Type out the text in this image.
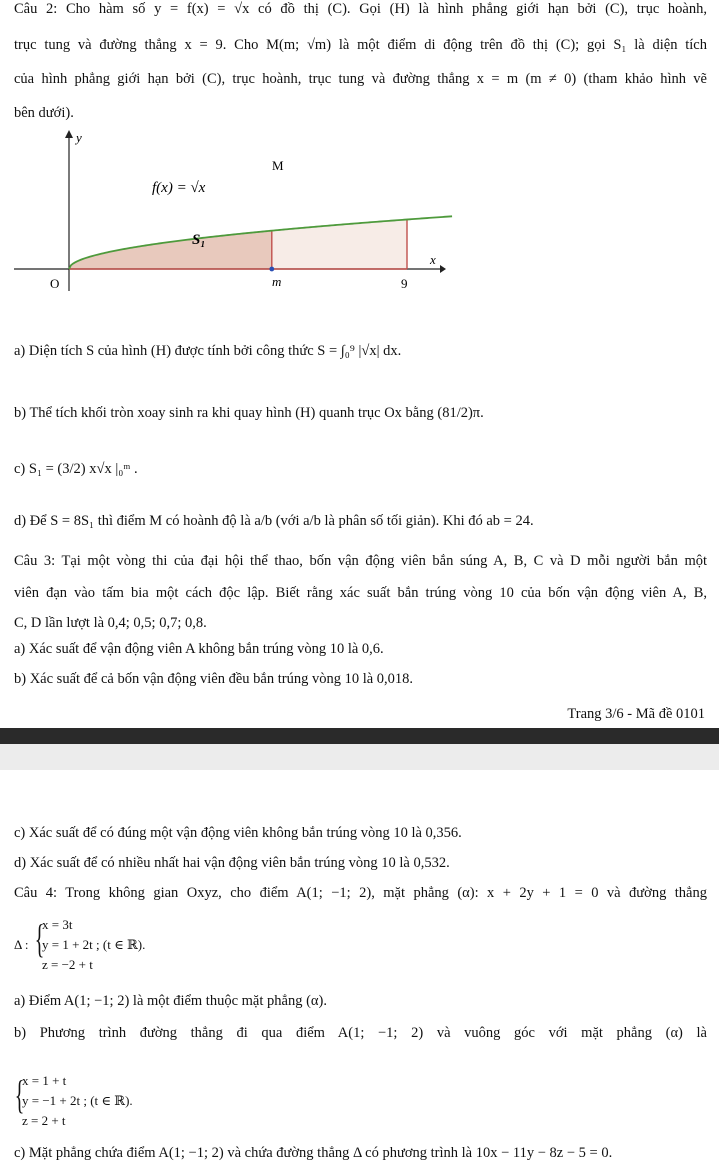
Câu 2: Cho hàm số y = f(x) = √x có đồ thị (C). Gọi (H) là hình phẳng giới hạn bởi (C), trục hoành,
trục tung và đường thẳng x = 9. Cho M(m; √m) là một điểm di động trên đồ thị (C); gọi S₁ là diện tích
của hình phẳng giới hạn bởi (C), trục hoành, trục tung và đường thẳng x = m (m ≠ 0) (tham khảo hình vẽ
bên dưới).
y
x
O
f(x) = √x
M
S₁
m	9
a) Diện tích S của hình (H) được tính bởi công thức S = ∫₀⁹ |√x| dx.
b) Thể tích khối tròn xoay sinh ra khi quay hình (H) quanh trục Ox bằng (81/2)π.
c) S₁ = (3/2) x√x |₀ᵐ .
d) Để S = 8S₁ thì điểm M có hoành độ là a/b (với a/b là phân số tối giản). Khi đó ab = 24.
Câu 3: Tại một vòng thi của đại hội thể thao, bốn vận động viên bắn súng A, B, C và D mỗi người bắn một
viên đạn vào tấm bia một cách độc lập. Biết rằng xác suất bắn trúng vòng 10 của bốn vận động viên A, B,
C, D lần lượt là 0,4; 0,5; 0,7; 0,8.
a) Xác suất để vận động viên A không bắn trúng vòng 10 là 0,6.
b) Xác suất để cả bốn vận động viên đều bắn trúng vòng 10 là 0,018.
Trang 3/6 - Mã đề 0101
c) Xác suất để có đúng một vận động viên không bắn trúng vòng 10 là 0,356.
d) Xác suất để có nhiều nhất hai vận động viên bắn trúng vòng 10 là 0,532.
Câu 4: Trong không gian Oxyz, cho điểm A(1; −1; 2), mặt phẳng (α): x + 2y + 1 = 0 và đường thẳng
Δ : {
x = 3t
y = 1 + 2t ; (t ∈ ℝ).
z = −2 + t
a) Điểm A(1; −1; 2) là một điểm thuộc mặt phẳng (α).
b) Phương trình đường thẳng đi qua điểm A(1; −1; 2) và vuông góc với mặt phẳng (α) là
{
x = 1 + t
y = −1 + 2t ; (t ∈ ℝ).
z = 2 + t
c) Mặt phẳng chứa điểm A(1; −1; 2) và chứa đường thẳng Δ có phương trình là 10x − 11y − 8z − 5 = 0.
